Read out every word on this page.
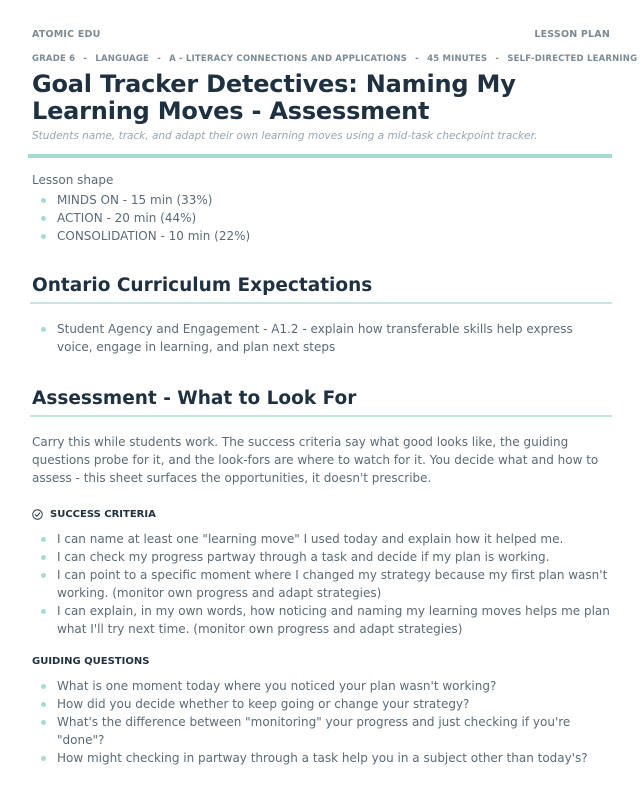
ATOMIC EDU	LESSON PLAN
GRADE 6 - LANGUAGE - A - LITERACY CONNECTIONS AND APPLICATIONS - 45 MINUTES - SELF-DIRECTED LEARNING
Goal Tracker Detectives: Naming My Learning Moves - Assessment
Students name, track, and adapt their own learning moves using a mid-task checkpoint tracker.
Lesson shape
MINDS ON - 15 min (33%)
ACTION - 20 min (44%)
CONSOLIDATION - 10 min (22%)
Ontario Curriculum Expectations
Student Agency and Engagement - A1.2 - explain how transferable skills help express voice, engage in learning, and plan next steps
Assessment - What to Look For
Carry this while students work. The success criteria say what good looks like, the guiding questions probe for it, and the look-fors are where to watch for it. You decide what and how to assess - this sheet surfaces the opportunities, it doesn't prescribe.
SUCCESS CRITERIA
I can name at least one "learning move" I used today and explain how it helped me.
I can check my progress partway through a task and decide if my plan is working.
I can point to a specific moment where I changed my strategy because my first plan wasn't working. (monitor own progress and adapt strategies)
I can explain, in my own words, how noticing and naming my learning moves helps me plan what I'll try next time. (monitor own progress and adapt strategies)
GUIDING QUESTIONS
What is one moment today where you noticed your plan wasn't working?
How did you decide whether to keep going or change your strategy?
What's the difference between "monitoring" your progress and just checking if you're "done"?
How might checking in partway through a task help you in a subject other than today's?
